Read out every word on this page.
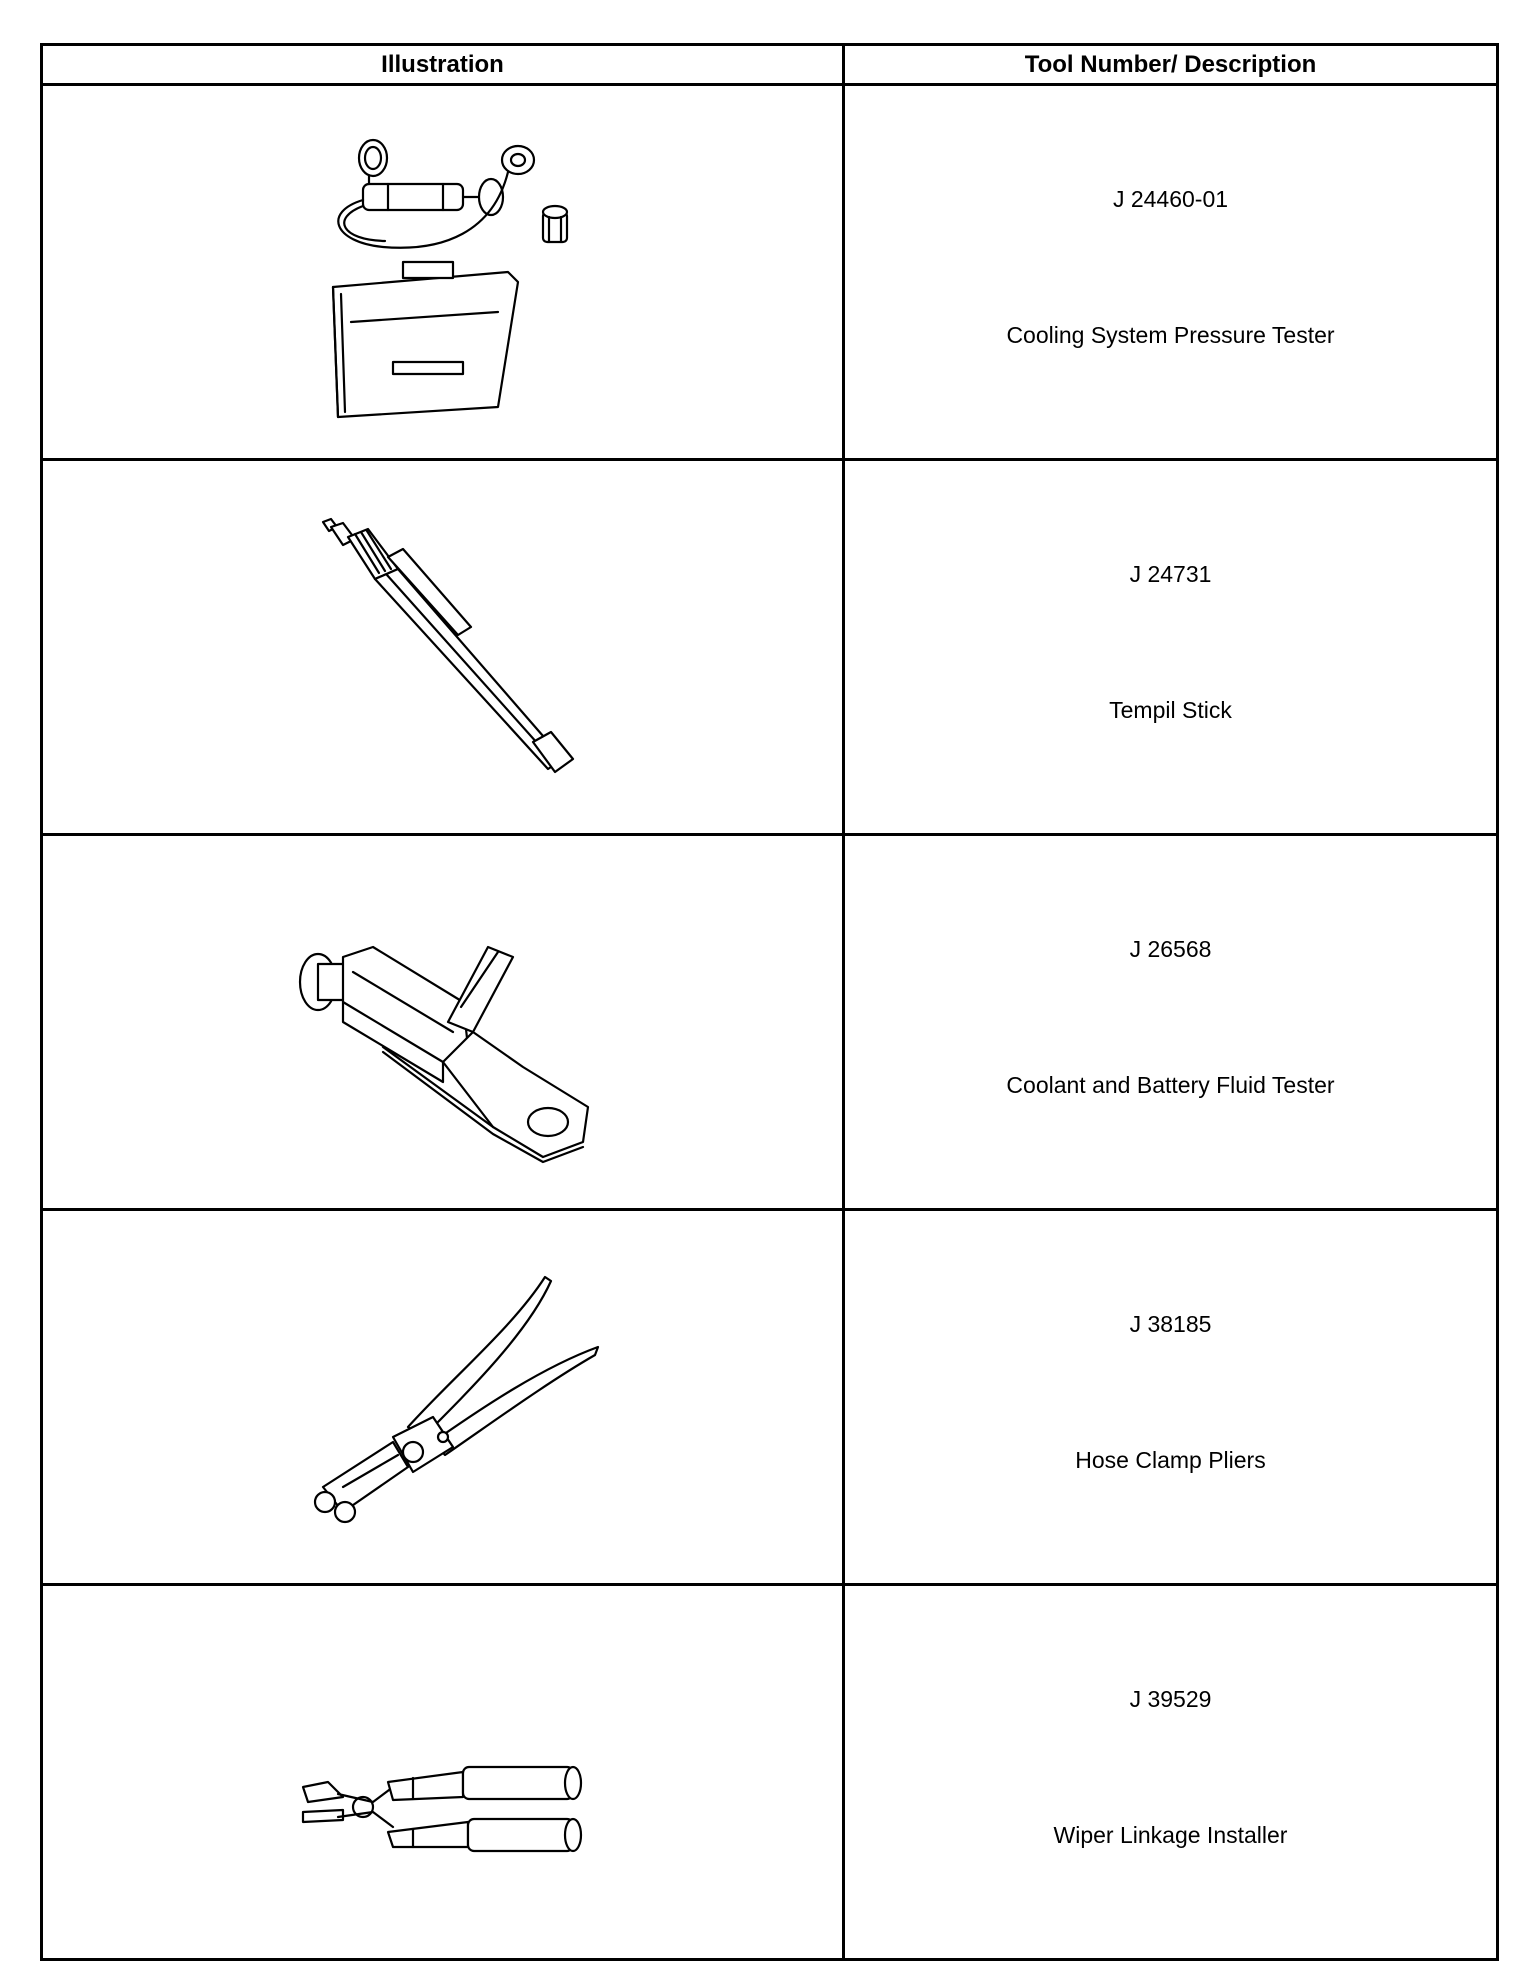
Illustration	Tool Number/ Description

J 24460-01
Cooling System Pressure Tester

J 24731
Tempil Stick

J 26568
Coolant and Battery Fluid Tester

J 38185
Hose Clamp Pliers

J 39529
Wiper Linkage Installer
